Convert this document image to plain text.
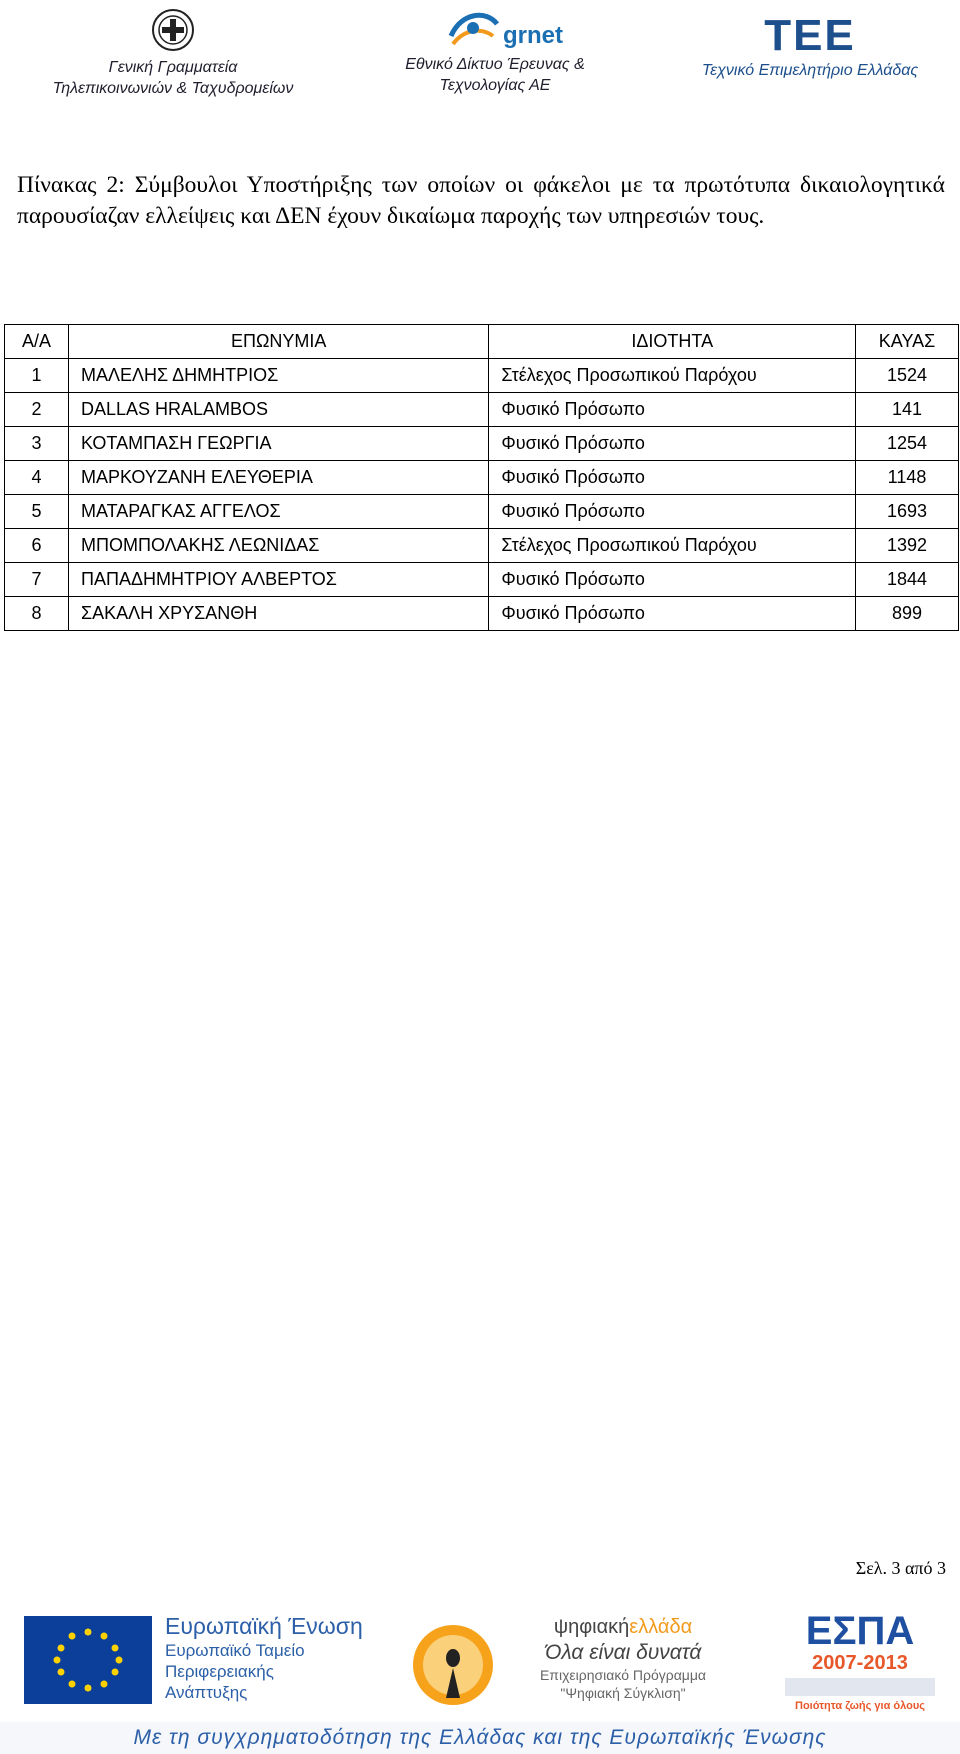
Γενική Γραμματεία
Τηλεπικοινωνιών & Ταχυδρομείων
grnet
Εθνικό Δίκτυο Έρευνας &
Τεχνολογίας ΑΕ
ΤΕΕ
Τεχνικό Επιμελητήριο Ελλάδας
Πίνακας 2: Σύμβουλοι Υποστήριξης των οποίων οι φάκελοι με τα πρωτότυπα δικαιολογητικά παρουσίαζαν ελλείψεις και ΔΕΝ έχουν δικαίωμα παροχής των υπηρεσιών τους.
Α/Α	ΕΠΩΝΥΜΙΑ	ΙΔΙΟΤΗΤΑ	ΚΑΥΑΣ
1	ΜΑΛΕΛΗΣ ΔΗΜΗΤΡΙΟΣ	Στέλεχος Προσωπικού Παρόχου	1524
2	DALLAS HRALAMBOS	Φυσικό Πρόσωπο	141
3	ΚΟΤΑΜΠΑΣΗ ΓΕΩΡΓΙΑ	Φυσικό Πρόσωπο	1254
4	ΜΑΡΚΟΥΖΑΝΗ ΕΛΕΥΘΕΡΙΑ	Φυσικό Πρόσωπο	1148
5	ΜΑΤΑΡΑΓΚΑΣ ΑΓΓΕΛΟΣ	Φυσικό Πρόσωπο	1693
6	ΜΠΟΜΠΟΛΑΚΗΣ ΛΕΩΝΙΔΑΣ	Στέλεχος Προσωπικού Παρόχου	1392
7	ΠΑΠΑΔΗΜΗΤΡΙΟΥ ΑΛΒΕΡΤΟΣ	Φυσικό Πρόσωπο	1844
8	ΣΑΚΑΛΗ ΧΡΥΣΑΝΘΗ	Φυσικό Πρόσωπο	899
Σελ. 3 από 3
Ευρωπαϊκή Ένωση
Ευρωπαϊκό Ταμείο
Περιφερειακής
Ανάπτυξης
ψηφιακήελλάδα
Όλα είναι δυνατά
Επιχειρησιακό Πρόγραμμα
"Ψηφιακή Σύγκλιση"
ΕΣΠΑ
2007-2013
Ποιότητα ζωής για όλους
Με τη συγχρηματοδότηση της Ελλάδας και της Ευρωπαϊκής Ένωσης
